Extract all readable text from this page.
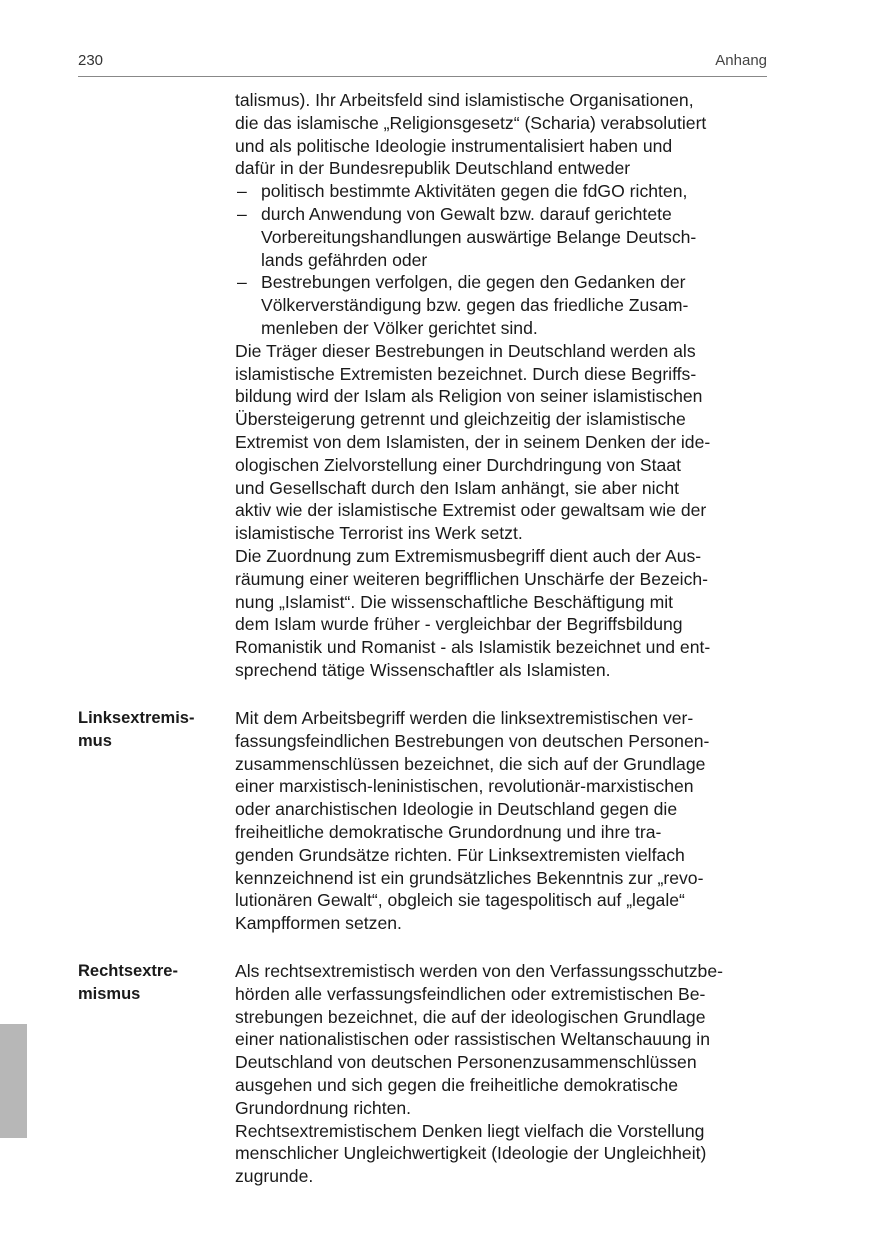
230	Anhang
talismus). Ihr Arbeitsfeld sind islamistische Organisationen,
die das islamische „Religionsgesetz“ (Scharia) verabsolutiert
und als politische Ideologie instrumentalisiert haben und
dafür in der Bundesrepublik Deutschland entweder
– politisch bestimmte Aktivitäten gegen die fdGO richten,
– durch Anwendung von Gewalt bzw. darauf gerichtete
Vorbereitungshandlungen auswärtige Belange Deutsch-
lands gefährden oder
– Bestrebungen verfolgen, die gegen den Gedanken der
Völkerverständigung bzw. gegen das friedliche Zusam-
menleben der Völker gerichtet sind.
Die Träger dieser Bestrebungen in Deutschland werden als
islamistische Extremisten bezeichnet. Durch diese Begriffs-
bildung wird der Islam als Religion von seiner islamistischen
Übersteigerung getrennt und gleichzeitig der islamistische
Extremist von dem Islamisten, der in seinem Denken der ide-
ologischen Zielvorstellung einer Durchdringung von Staat
und Gesellschaft durch den Islam anhängt, sie aber nicht
aktiv wie der islamistische Extremist oder gewaltsam wie der
islamistische Terrorist ins Werk setzt.
Die Zuordnung zum Extremismusbegriff dient auch der Aus-
räumung einer weiteren begrifflichen Unschärfe der Bezeich-
nung „Islamist“. Die wissenschaftliche Beschäftigung mit
dem Islam wurde früher - vergleichbar der Begriffsbildung
Romanistik und Romanist - als Islamistik bezeichnet und ent-
sprechend tätige Wissenschaftler als Islamisten.
Linksextremis-
mus
Mit dem Arbeitsbegriff werden die linksextremistischen ver-
fassungsfeindlichen Bestrebungen von deutschen Personen-
zusammenschlüssen bezeichnet, die sich auf der Grundlage
einer marxistisch-leninistischen, revolutionär-marxistischen
oder anarchistischen Ideologie in Deutschland gegen die
freiheitliche demokratische Grundordnung und ihre tra-
genden Grundsätze richten. Für Linksextremisten vielfach
kennzeichnend ist ein grundsätzliches Bekenntnis zur „revo-
lutionären Gewalt“, obgleich sie tagespolitisch auf „legale“
Kampfformen setzen.
Rechtsextre-
mismus
Als rechtsextremistisch werden von den Verfassungsschutzbe-
hörden alle verfassungsfeindlichen oder extremistischen Be-
strebungen bezeichnet, die auf der ideologischen Grundlage
einer nationalistischen oder rassistischen Weltanschauung in
Deutschland von deutschen Personenzusammenschlüssen
ausgehen und sich gegen die freiheitliche demokratische
Grundordnung richten.
Rechtsextremistischem Denken liegt vielfach die Vorstellung
menschlicher Ungleichwertigkeit (Ideologie der Ungleichheit)
zugrunde.
